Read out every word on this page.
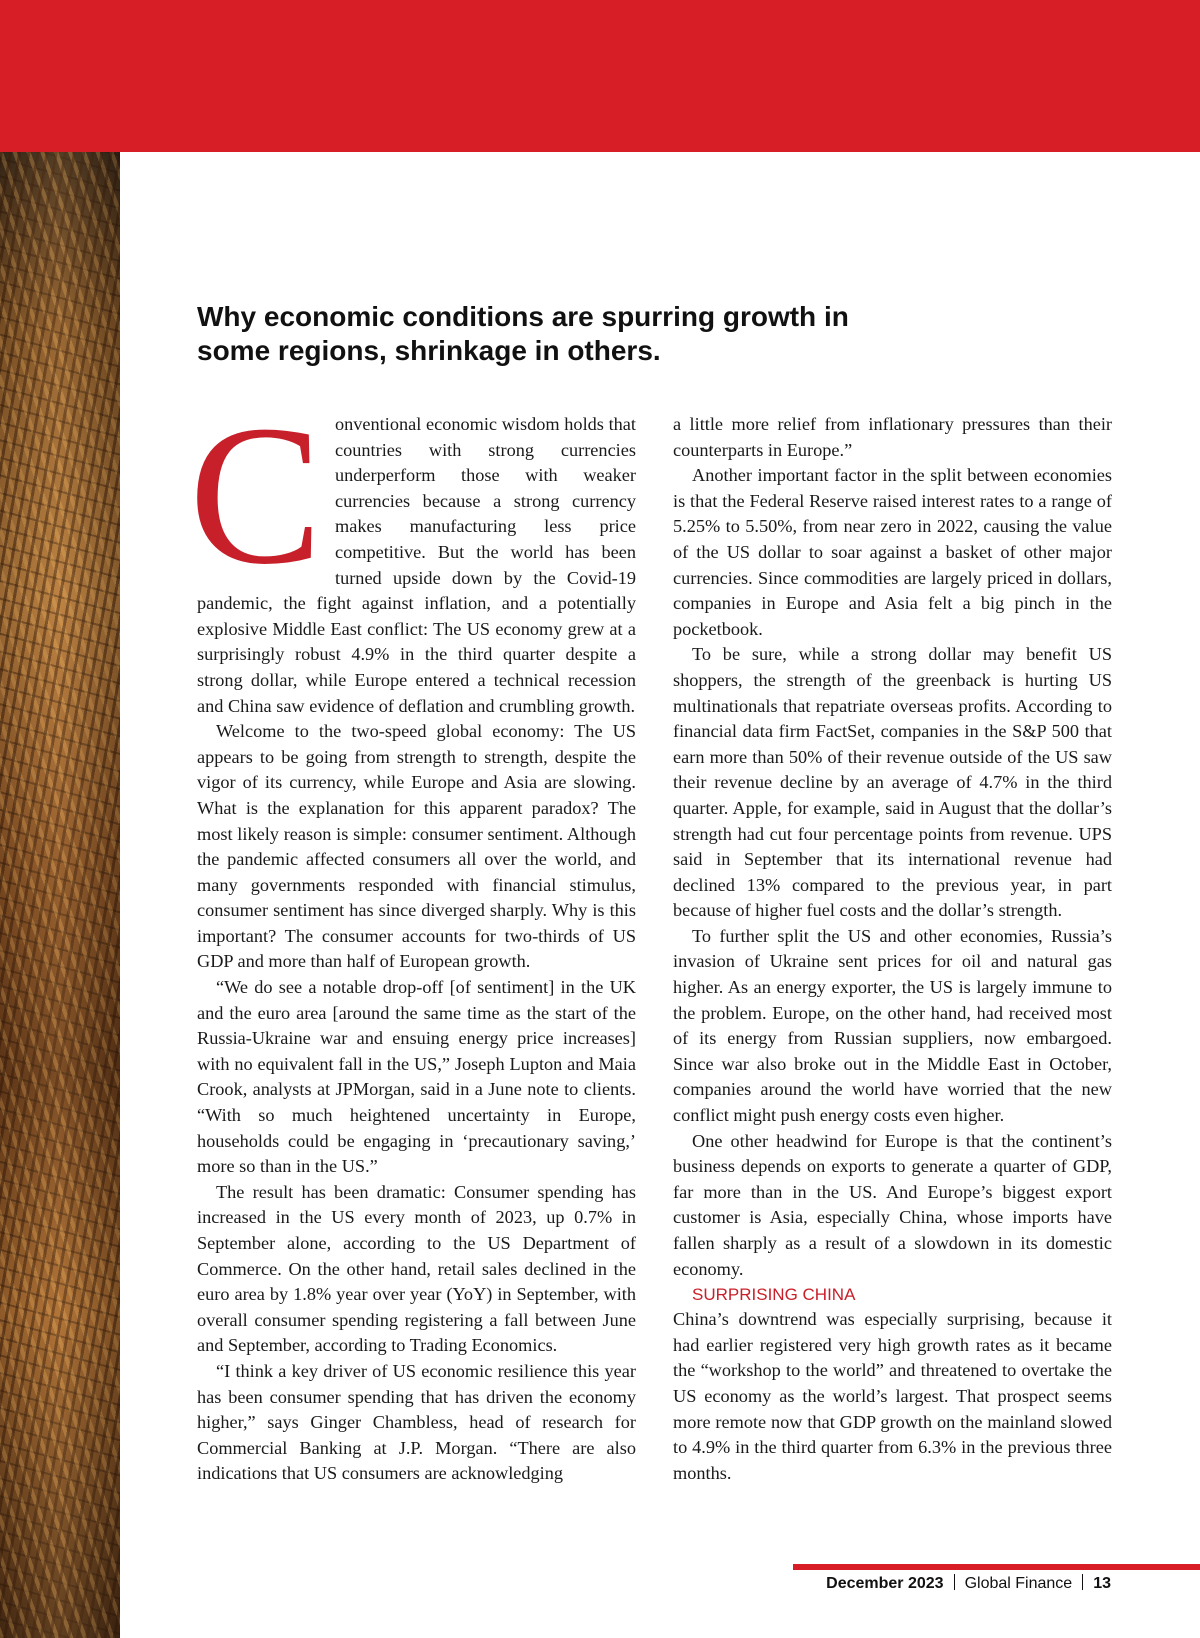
Why economic conditions are spurring growth in some regions, shrinkage in others.
C onventional economic wisdom holds that countries with strong currencies underperform those with weaker currencies because a strong currency makes manufacturing less price competitive. But the world has been turned upside down by the Covid-19 pandemic, the fight against inflation, and a potentially explosive Middle East conflict: The US economy grew at a surprisingly robust 4.9% in the third quarter despite a strong dollar, while Europe entered a technical recession and China saw evidence of deflation and crumbling growth.

Welcome to the two-speed global economy: The US appears to be going from strength to strength, despite the vigor of its currency, while Europe and Asia are slowing. What is the explanation for this apparent paradox? The most likely reason is simple: consumer sentiment. Although the pandemic affected consumers all over the world, and many governments responded with financial stimulus, consumer sentiment has since diverged sharply. Why is this important? The consumer accounts for two-thirds of US GDP and more than half of European growth.

“We do see a notable drop-off [of sentiment] in the UK and the euro area [around the same time as the start of the Russia-Ukraine war and ensuing energy price increases] with no equivalent fall in the US,” Joseph Lupton and Maia Crook, analysts at JPMorgan, said in a June note to clients. “With so much heightened uncertainty in Europe, households could be engaging in ‘precautionary saving,’ more so than in the US.”

The result has been dramatic: Consumer spending has increased in the US every month of 2023, up 0.7% in September alone, according to the US Department of Commerce. On the other hand, retail sales declined in the euro area by 1.8% year over year (YoY) in September, with overall consumer spending registering a fall between June and September, according to Trading Economics.

“I think a key driver of US economic resilience this year has been consumer spending that has driven the economy higher,” says Ginger Chambless, head of research for Commercial Banking at J.P. Morgan. “There are also indications that US consumers are acknowledging

a little more relief from inflationary pressures than their counterparts in Europe.”

Another important factor in the split between economies is that the Federal Reserve raised interest rates to a range of 5.25% to 5.50%, from near zero in 2022, causing the value of the US dollar to soar against a basket of other major currencies. Since commodities are largely priced in dollars, companies in Europe and Asia felt a big pinch in the pocketbook.

To be sure, while a strong dollar may benefit US shoppers, the strength of the greenback is hurting US multinationals that repatriate overseas profits. According to financial data firm FactSet, companies in the S&P 500 that earn more than 50% of their revenue outside of the US saw their revenue decline by an average of 4.7% in the third quarter. Apple, for example, said in August that the dollar’s strength had cut four percentage points from revenue. UPS said in September that its international revenue had declined 13% compared to the previous year, in part because of higher fuel costs and the dollar’s strength.

To further split the US and other economies, Russia’s invasion of Ukraine sent prices for oil and natural gas higher. As an energy exporter, the US is largely immune to the problem. Europe, on the other hand, had received most of its energy from Russian suppliers, now embargoed. Since war also broke out in the Middle East in October, companies around the world have worried that the new conflict might push energy costs even higher.

One other headwind for Europe is that the continent’s business depends on exports to generate a quarter of GDP, far more than in the US. And Europe’s biggest export customer is Asia, especially China, whose imports have fallen sharply as a result of a slowdown in its domestic economy.

SURPRISING CHINA

China’s downtrend was especially surprising, because it had earlier registered very high growth rates as it became the “workshop to the world” and threatened to overtake the US economy as the world’s largest. That prospect seems more remote now that GDP growth on the mainland slowed to 4.9% in the third quarter from 6.3% in the previous three months.

December 2023 Global Finance 13
